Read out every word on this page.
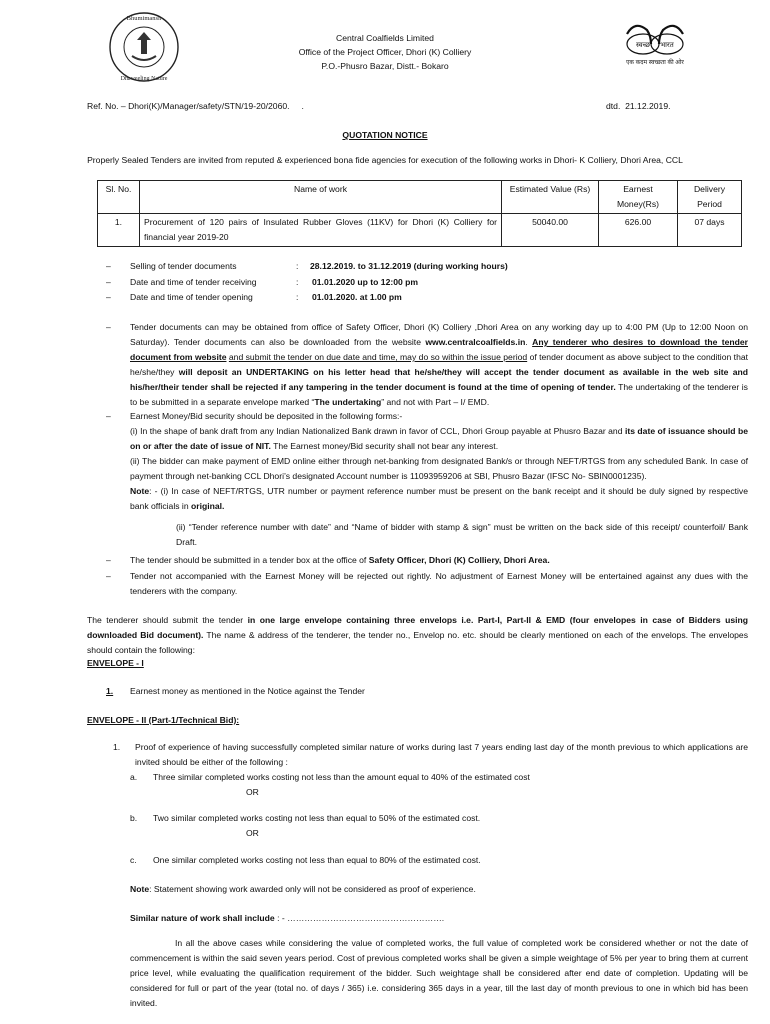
Bhumimansh
Dhaweeling Nature
स्वच्छ भारत
एक कदम स्वच्छता की ओर
Central Coalfields Limited
Office of the Project Officer, Dhori (K) Colliery
P.O.-Phusro Bazar, Distt.- Bokaro
Ref. No. – Dhori(K)/Manager/safety/STN/19-20/2060.     .	dtd.  21.12.2019.
QUOTATION NOTICE
Properly Sealed Tenders are invited from reputed & experienced bona fide agencies for execution of the following works in Dhori- K Colliery, Dhori Area, CCL
Sl. No.	Name of work	Estimated Value (Rs)	Earnest Money(Rs)	Delivery Period
1.	Procurement of 120 pairs of Insulated Rubber Gloves (11KV) for Dhori (K) Colliery for financial year 2019-20	50040.00	626.00	07 days
– Selling of tender documents	: 28.12.2019. to 31.12.2019 (during working hours)
– Date and time of tender receiving	: 01.01.2020 up to 12:00 pm
– Date and time of tender opening	: 01.01.2020. at 1.00 pm
– Tender documents can may be obtained from office of Safety Officer, Dhori (K) Colliery ,Dhori Area on any working day up to 4:00 PM (Up to 12:00 Noon on Saturday). Tender documents can also be downloaded from the website www.centralcoalfields.in. Any tenderer who desires to download the tender document from website and submit the tender on due date and time, may do so within the issue period of tender document as above subject to the condition that he/she/they will deposit an UNDERTAKING on his letter head that he/she/they will accept the tender document as available in the web site and his/her/their tender shall be rejected if any tampering in the tender document is found at the time of opening of tender. The undertaking of the tenderer is to be submitted in a separate envelope marked “The undertaking” and not with Part – I/ EMD.
– Earnest Money/Bid security should be deposited in the following forms:-
(i) In the shape of bank draft from any Indian Nationalized Bank drawn in favor of CCL, Dhori Group payable at Phusro Bazar and its date of issuance should be on or after the date of issue of NIT. The Earnest money/Bid security shall not bear any interest.
(ii) The bidder can make payment of EMD online either through net-banking from designated Bank/s or through NEFT/RTGS from any scheduled Bank. In case of payment through net-banking CCL Dhori’s designated Account number is 11093959206 at SBI, Phusro Bazar (IFSC No- SBIN0001235).
Note: - (i) In case of NEFT/RTGS, UTR number or payment reference number must be present on the bank receipt and it should be duly signed by respective bank officials in original.
(ii) “Tender reference number with date” and “Name of bidder with stamp & sign” must be written on the back side of this receipt/ counterfoil/ Bank Draft.
– The tender should be submitted in a tender box at the office of Safety Officer, Dhori (K) Colliery, Dhori Area.
– Tender not accompanied with the Earnest Money will be rejected out rightly. No adjustment of Earnest Money will be entertained against any dues with the tenderers with the company.
The tenderer should submit the tender in one large envelope containing three envelops i.e. Part-I, Part-II & EMD (four envelopes in case of Bidders using downloaded Bid document). The name & address of the tenderer, the tender no., Envelop no. etc. should be clearly mentioned on each of the envelops. The envelopes should contain the following:
ENVELOPE - I
1. Earnest money as mentioned in the Notice against the Tender
ENVELOPE - II (Part-1/Technical Bid):
1. Proof of experience of having successfully completed similar nature of works during last 7 years ending last day of the month previous to which applications are invited should be either of the following :
a. Three similar completed works costing not less than the amount equal to 40% of the estimated cost
OR
b. Two similar completed works costing not less than equal to 50% of the estimated cost.
OR
c. One similar completed works costing not less than equal to 80% of the estimated cost.
Note: Statement showing work awarded only will not be considered as proof of experience.
Similar nature of work shall include : - ……………………………………………….
In all the above cases while considering the value of completed works, the full value of completed work be considered whether or not the date of commencement is within the said seven years period. Cost of previous completed works shall be given a simple weightage of 5% per year to bring them at current price level, while evaluating the qualification requirement of the bidder. Such weightage shall be considered after end date of completion. Updating will be considered for full or part of the year (total no. of days / 365) i.e. considering 365 days in a year, till the last day of month previous to one in which bid has been invited.
